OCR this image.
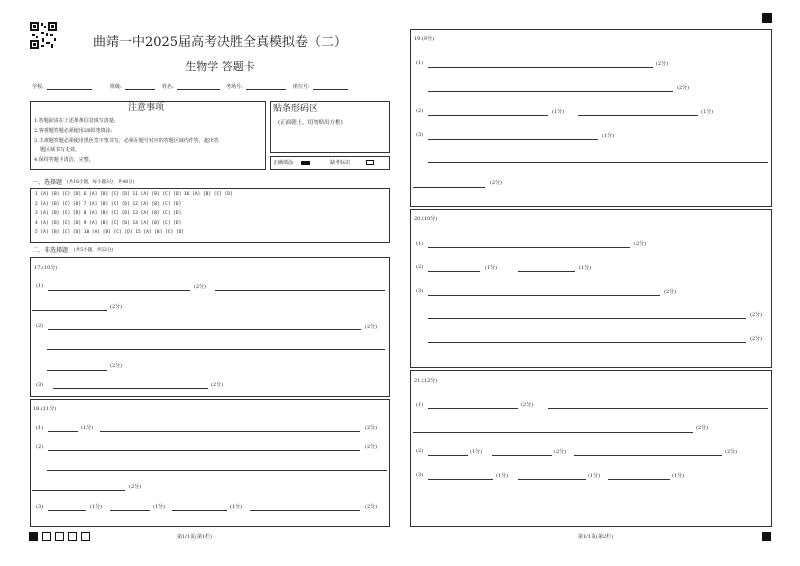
曲靖一中2025届高考决胜全真模拟卷（二）
生物学 答题卡
学校:	班级:	姓名:	考场号:	座位号:
注意事项
1.答题前请在上述条条信息填写清楚;
2.客观题答题必须使用2B铅笔填涂;
3.主观题答题必须使用黑色签字笔书写，必须在题号对应的答题区域内作答，超出答
题区域书写无效。
4.保持答题卡清洁、完整。
贴条形码区
(正面朝上，切勿贴出方框)
正确填涂	缺考标识
一、选择题 (共16小题，每小题3分，共48分)
1 [A] [B] [C] [D] 6 [A] [B] [C] [D] 11 [A] [B] [C] [D] 16 [A] [B] [C] [D]
2 [A] [B] [C] [D] 7 [A] [B] [C] [D] 12 [A] [B] [C] [D]
3 [A] [B] [C] [D] 8 [A] [B] [C] [D] 13 [A] [B] [C] [D]
4 [A] [B] [C] [D] 9 [A] [B] [C] [D] 14 [A] [B] [C] [D]
5 [A] [B] [C] [D] 10 [A] [B] [C] [D] 15 [A] [B] [C] [D]
二、非选择题 (共5小题，共52分)
17.(10分)
(1)	(2分)
(2分)
(2)	(2分)
(2分)
(3)	(2分)
18.(11分)
(1)	(1分)	(2分)
(2)	(2分)
(2分)
(3)	(1分)	(1分)	(1分)	(2分)
19.(9分)
(1)	(2分)
(2分)
(2)	(1分)	(1分)
(3)	(1分)
(2分)
20.(10分)
(1)	(2分)
(2)	(1分)	(1分)
(3)	(2分)
(2分)
(2分)
21.(12分)
(1)	(2分)
(2分)
(2)	(1分)	(2分)	(2分)
(3)	(1分)	(1分)	(1分)
第1/1页(第1栏)	第1/1页(第2栏)
